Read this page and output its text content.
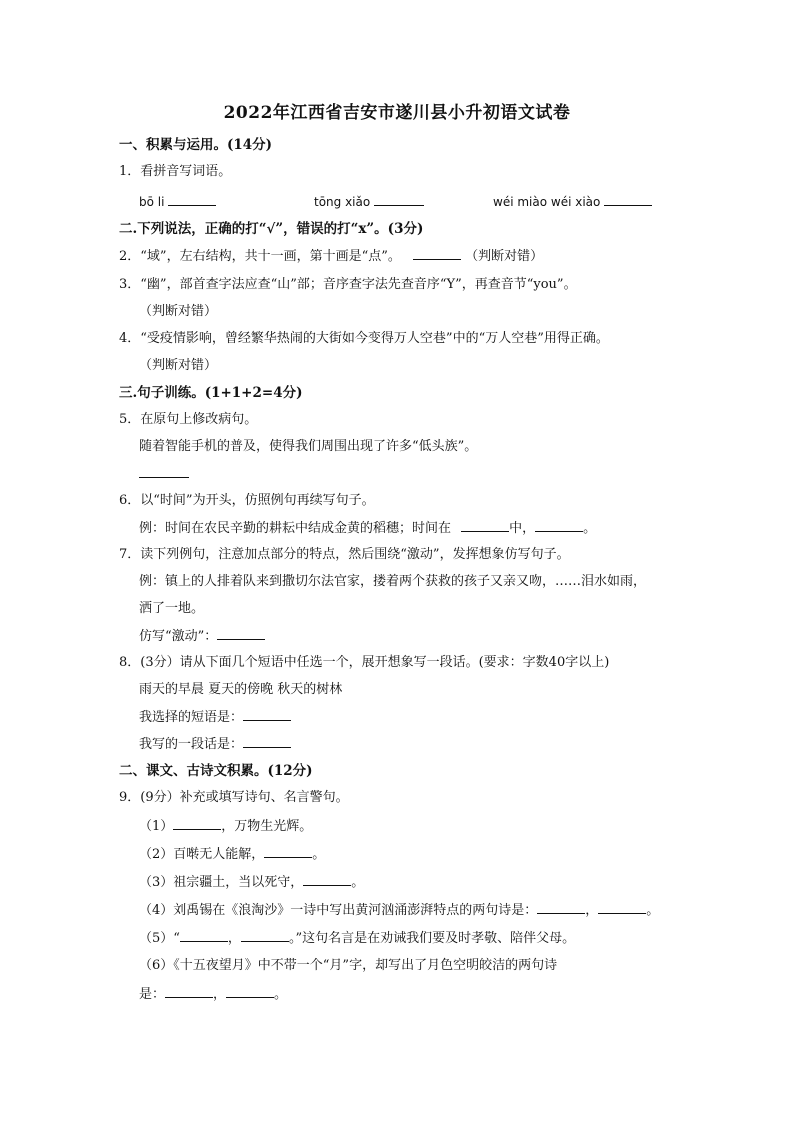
2022年江西省吉安市遂川县小升初语文试卷
一、积累与运用。(14分)
1．看拼音写词语。
bō li	tōng xiǎo	wéi miào wéi xiào
二.下列说法，正确的打“√”，错误的打“x”。(3分)
2．“域”，左右结构，共十一画，第十画是“点”。	（判断对错）
3．“幽”，部首查字法应查“山”部；音序查字法先查音序“Y”，再查音节“you”。
（判断对错）
4．“受疫情影响，曾经繁华热闹的大街如今变得万人空巷”中的“万人空巷”用得正确。
（判断对错）
三.句子训练。(1+1+2=4分)
5．在原句上修改病句。
随着智能手机的普及，使得我们周围出现了许多“低头族”。
6．以“时间”为开头，仿照例句再续写句子。
例：时间在农民辛勤的耕耘中结成金黄的稻穗；时间在	中，	。
7．读下列例句，注意加点部分的特点，然后围绕“激动”，发挥想象仿写句子。
例：镇上的人排着队来到撒切尔法官家，搂着两个获救的孩子又亲又吻，……泪水如雨，
洒了一地。
仿写“激动”：
8．(3分）请从下面几个短语中任选一个，展开想象写一段话。(要求：字数40字以上)
雨天的早晨 夏天的傍晚 秋天的树林
我选择的短语是：
我写的一段话是：
二、课文、古诗文积累。(12分)
9．(9分）补充或填写诗句、名言警句。
（1）	，万物生光辉。
（2）百啭无人能解，	。
（3）祖宗疆土，当以死守，	。
（4）刘禹锡在《浪淘沙》一诗中写出黄河汹涌澎湃特点的两句诗是：	，	。
（5）“	，	。”这句名言是在劝诫我们要及时孝敬、陪伴父母。
（6）《十五夜望月》中不带一个“月”字，却写出了月色空明皎洁的两句诗
是：	，	。
